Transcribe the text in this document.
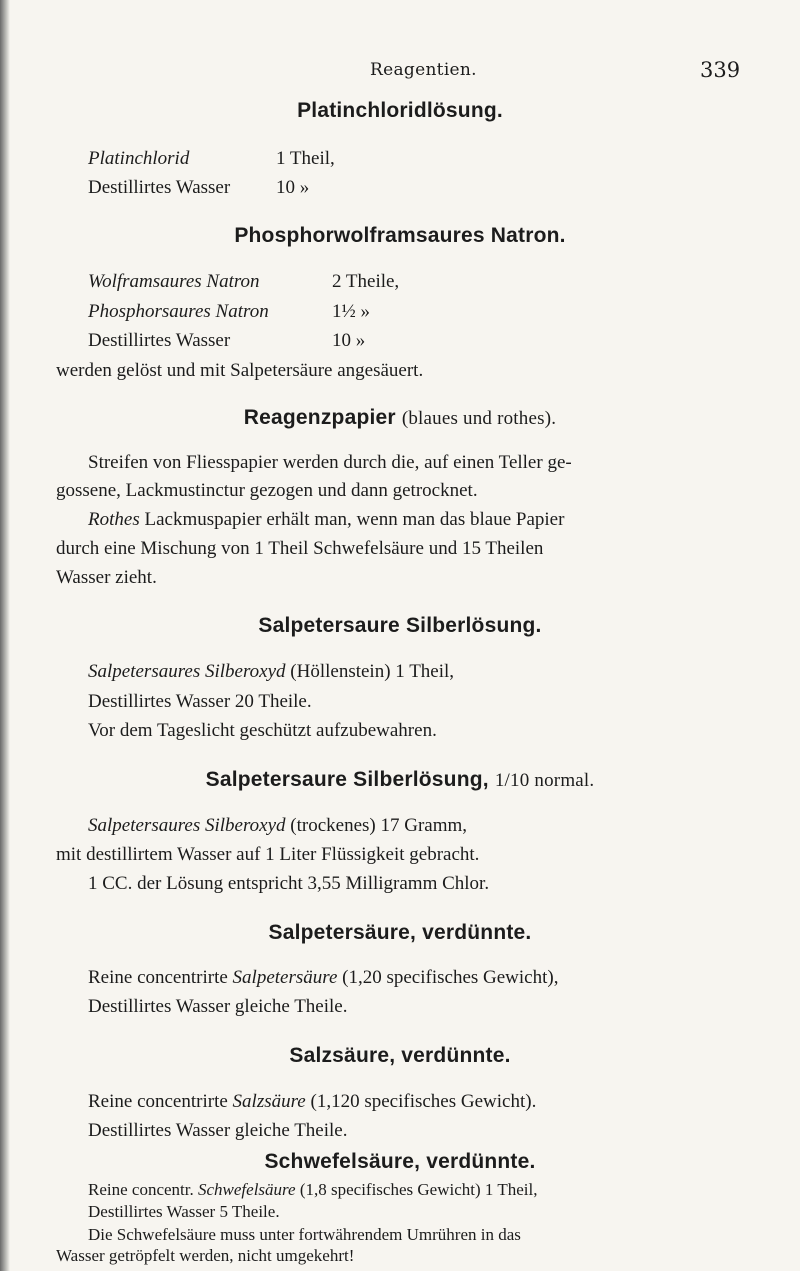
Reagentien.	339
Platinchloridlösung.
Platinchlorid	1 Theil,
Destillirtes Wasser 10 »
Phosphorwolframsaures Natron.
Wolframsaures Natron	2 Theile,
Phosphorsaures Natron	1½ »
Destillirtes Wasser	10 »
werden gelöst und mit Salpetersäure angesäuert.
Reagenzpapier (blaues und rothes).
Streifen von Fliesspapier werden durch die, auf einen Teller ge-
gossene, Lackmustinctur gezogen und dann getrocknet.
Rothes Lackmuspapier erhält man, wenn man das blaue Papier
durch eine Mischung von 1 Theil Schwefelsäure und 15 Theilen
Wasser zieht.
Salpetersaure Silberlösung.
Salpetersaures Silberoxyd (Höllenstein) 1 Theil,
Destillirtes Wasser 20 Theile.
Vor dem Tageslicht geschützt aufzubewahren.
Salpetersaure Silberlösung, 1/10 normal.
Salpetersaures Silberoxyd (trockenes) 17 Gramm,
mit destillirtem Wasser auf 1 Liter Flüssigkeit gebracht.
1 CC. der Lösung entspricht 3,55 Milligramm Chlor.
Salpetersäure, verdünnte.
Reine concentrirte Salpetersäure (1,20 specifisches Gewicht),
Destillirtes Wasser gleiche Theile.
Salzsäure, verdünnte.
Reine concentrirte Salzsäure (1,120 specifisches Gewicht).
Destillirtes Wasser gleiche Theile.
Schwefelsäure, verdünnte.
Reine concentr. Schwefelsäure (1,8 specifisches Gewicht) 1 Theil,
Destillirtes Wasser 5 Theile.
Die Schwefelsäure muss unter fortwährendem Umrühren in das
Wasser getröpfelt werden, nicht umgekehrt!
